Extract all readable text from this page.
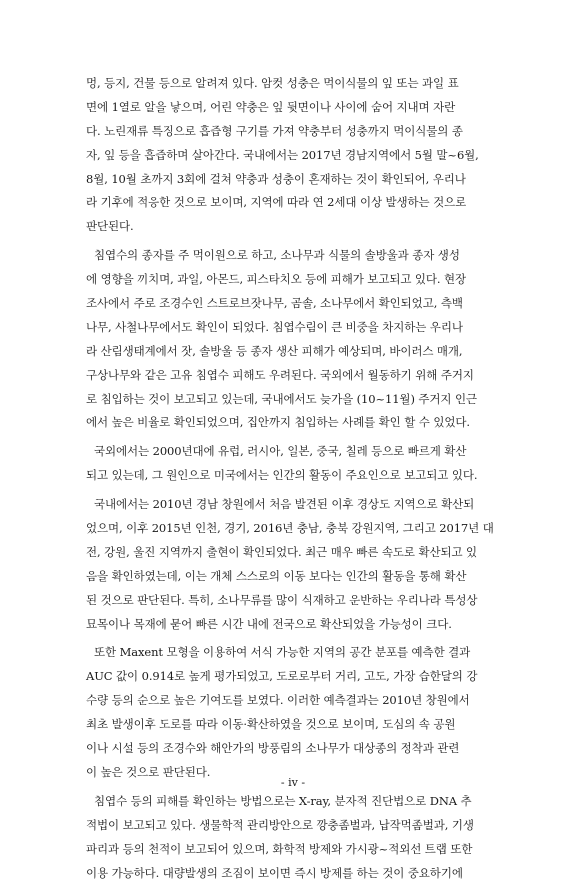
멍, 등지, 건물 등으로 알려져 있다. 암컷 성충은 먹이식물의 잎 또는 과일 표
면에 1열로 알을 낳으며, 어린 약충은 잎 뒷면이나 사이에 숨어 지내며 자란
다. 노린재류 특징으로 흡즙형 구기를 가져 약충부터 성충까지 먹이식물의 종
자, 잎 등을 흡즙하며 살아간다. 국내에서는 2017년 경남지역에서 5월 말~6월,
8월, 10월 초까지 3회에 걸쳐 약충과 성충이 혼재하는 것이 확인되어, 우리나
라 기후에 적응한 것으로 보이며, 지역에 따라 연 2세대 이상 발생하는 것으로
판단된다.
침엽수의 종자를 주 먹이원으로 하고, 소나무과 식물의 솔방울과 종자 생성
에 영향을 끼치며, 과일, 아몬드, 피스타치오 등에 피해가 보고되고 있다. 현장
조사에서 주로 조경수인 스트로브잣나무, 곰솔, 소나무에서 확인되었고, 측백
나무, 사철나무에서도 확인이 되었다. 침엽수림이 큰 비중을 차지하는 우리나
라 산림생태계에서 잣, 솔방울 등 종자 생산 피해가 예상되며, 바이러스 매개,
구상나무와 같은 고유 침엽수 피해도 우려된다. 국외에서 월동하기 위해 주거지
로 침입하는 것이 보고되고 있는데, 국내에서도 늦가을 (10~11월) 주거지 인근
에서 높은 비율로 확인되었으며, 집안까지 침입하는 사례를 확인 할 수 있었다.
국외에서는 2000년대에 유럽, 러시아, 일본, 중국, 칠레 등으로 빠르게 확산
되고 있는데, 그 원인으로 미국에서는 인간의 활동이 주요인으로 보고되고 있다.
국내에서는 2010년 경남 창원에서 처음 발견된 이후 경상도 지역으로 확산되
었으며, 이후 2015년 인천, 경기, 2016년 충남, 충북 강원지역, 그리고 2017년 대
전, 강원, 울진 지역까지 출현이 확인되었다. 최근 매우 빠른 속도로 확산되고 있
음을 확인하였는데, 이는 개체 스스로의 이동 보다는 인간의 활동을 통해 확산
된 것으로 판단된다. 특히, 소나무류를 많이 식재하고 운반하는 우리나라 특성상
묘목이나 목재에 묻어 빠른 시간 내에 전국으로 확산되었을 가능성이 크다.
또한 Maxent 모형을 이용하여 서식 가능한 지역의 공간 분포를 예측한 결과
AUC 값이 0.914로 높게 평가되었고, 도로로부터 거리, 고도, 가장 습한달의 강
수량 등의 순으로 높은 기여도를 보였다. 이러한 예측결과는 2010년 창원에서
최초 발생이후 도로를 따라 이동·확산하였을 것으로 보이며, 도심의 속 공원
이나 시설 등의 조경수와 해안가의 방풍림의 소나무가 대상종의 정착과 관련
이 높은 것으로 판단된다.
침엽수 등의 피해를 확인하는 방법으로는 X-ray, 분자적 진단법으로 DNA 추
적법이 보고되고 있다. 생물학적 관리방안으로 깡충좀벌과, 납작먹좀벌과, 기생
파리과 등의 천적이 보고되어 있으며, 화학적 방제와 가시광~적외선 트랩 또한
이용 가능하다. 대량발생의 조짐이 보이면 즉시 방제를 하는 것이 중요하기에
- iv -
